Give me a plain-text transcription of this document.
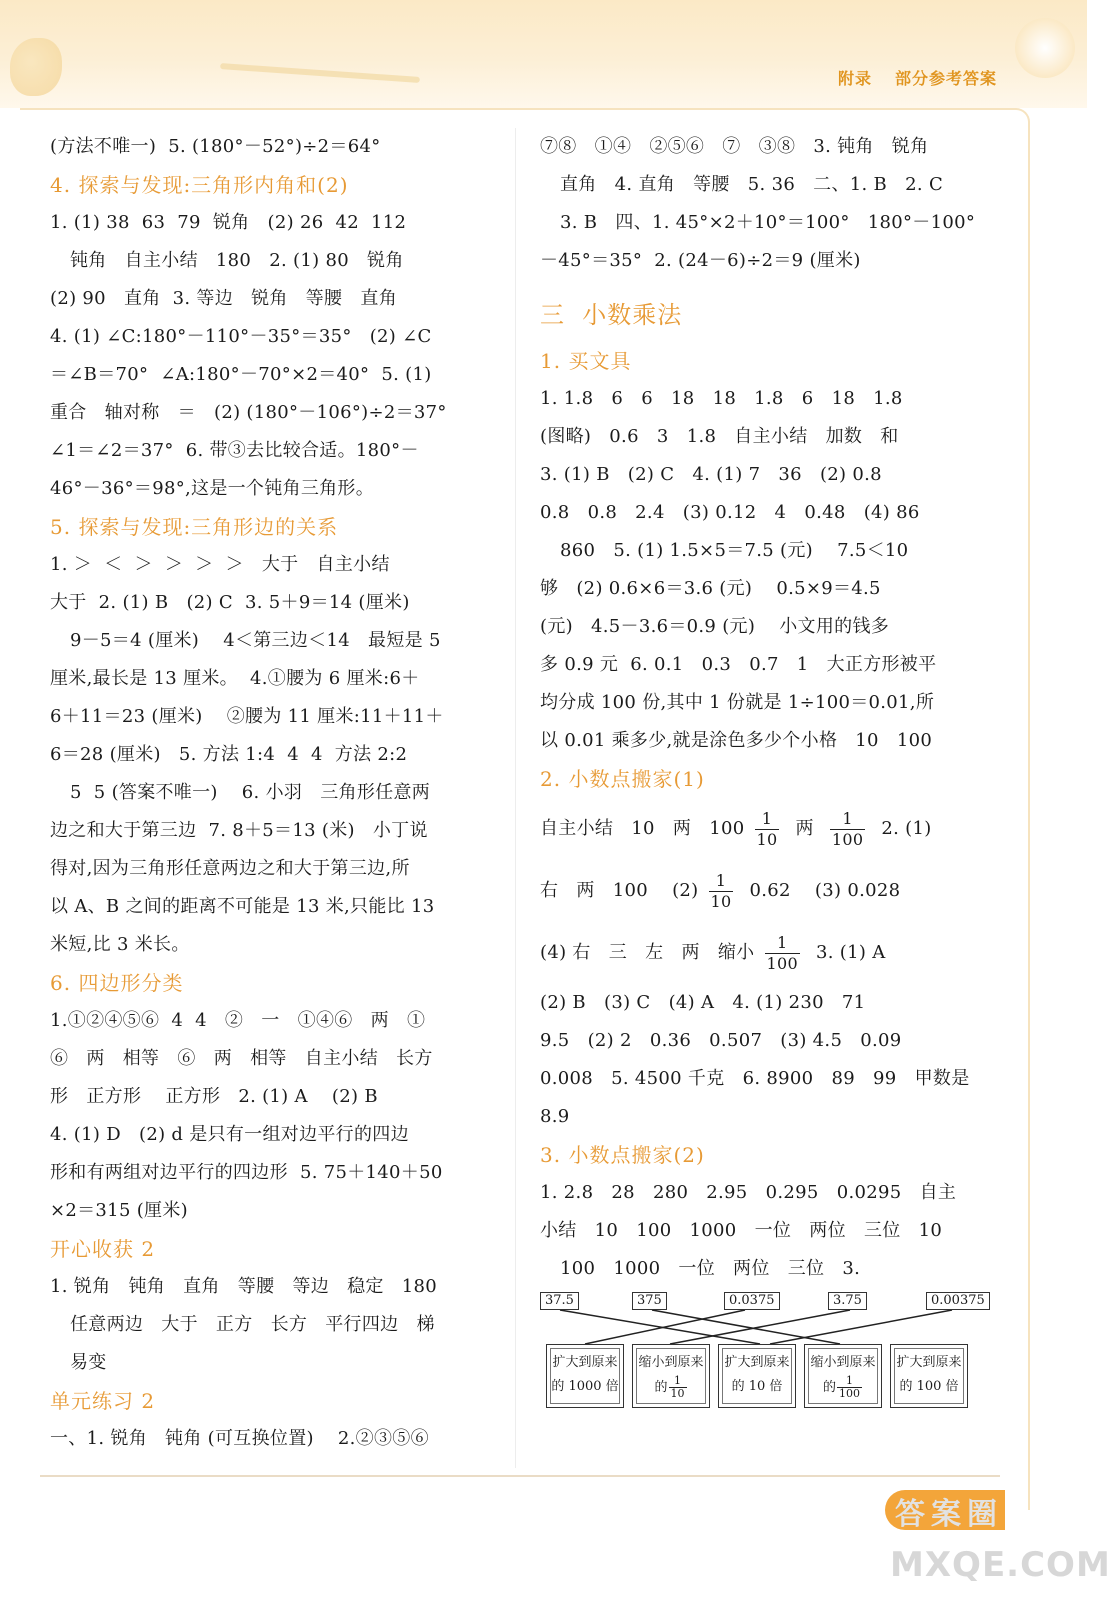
附录 部分参考答案
(方法不唯一)  5. (180°－52°)÷2＝64°
4. 探索与发现:三角形内角和(2)
1. (1) 38  63  79  锐角   (2) 26  42  112
钝角   自主小结   180   2. (1) 80   锐角
(2) 90   直角  3. 等边   锐角   等腰   直角
4. (1) ∠C:180°－110°－35°＝35°   (2) ∠C
＝∠B＝70°  ∠A:180°－70°×2＝40°  5. (1)
重合   轴对称   ＝   (2) (180°－106°)÷2＝37°
∠1＝∠2＝37°  6. 带③去比较合适。180°－
46°－36°＝98°,这是一个钝角三角形。
5. 探索与发现:三角形边的关系
1. ＞  ＜  ＞  ＞  ＞  ＞   大于   自主小结
大于  2. (1) B   (2) C  3. 5＋9＝14 (厘米)
9－5＝4 (厘米)    4＜第三边＜14   最短是 5
厘米,最长是 13 厘米。  4.①腰为 6 厘米:6＋
6＋11＝23 (厘米)    ②腰为 11 厘米:11＋11＋
6＝28 (厘米)   5. 方法 1:4  4  4  方法 2:2
5  5 (答案不唯一)    6. 小羽   三角形任意两
边之和大于第三边  7. 8＋5＝13 (米)   小丁说
得对,因为三角形任意两边之和大于第三边,所
以 A、B 之间的距离不可能是 13 米,只能比 13
米短,比 3 米长。
6. 四边形分类
1.①②④⑤⑥  4  4   ②   一   ①④⑥   两   ①
⑥   两   相等   ⑥   两   相等   自主小结   长方
形   正方形    正方形   2. (1) A    (2) B
4. (1) D   (2) d 是只有一组对边平行的四边
形和有两组对边平行的四边形  5. 75＋140＋50
×2＝315 (厘米)
开心收获 2
1. 锐角   钝角   直角   等腰   等边   稳定   180
任意两边   大于   正方   长方   平行四边   梯
易变
单元练习 2
一、1. 锐角   钝角 (可互换位置)    2.②③⑤⑥
⑦⑧   ①④   ②⑤⑥   ⑦   ③⑧   3. 钝角   锐角
直角   4. 直角   等腰   5. 36   二、1. B   2. C
3. B   四、1. 45°×2＋10°＝100°   180°－100°
－45°＝35°  2. (24－6)÷2＝9 (厘米)
三  小数乘法
1. 买文具
1. 1.8   6   6   18   18   1.8   6   18   1.8
(图略)   0.6   3   1.8   自主小结   加数   和
3. (1) B   (2) C   4. (1) 7   36   (2) 0.8
0.8   0.8   2.4   (3) 0.12   4   0.48   (4) 86
860   5. (1) 1.5×5＝7.5 (元)    7.5＜10
够   (2) 0.6×6＝3.6 (元)    0.5×9＝4.5
(元)   4.5－3.6＝0.9 (元)    小文用的钱多
多 0.9 元  6. 0.1   0.3   0.7   1   大正方形被平
均分成 100 份,其中 1 份就是 1÷100＝0.01,所
以 0.01 乘多少,就是涂色多少个小格   10   100
2. 小数点搬家(1)
自主小结   10   两   $100 \frac{1}{10}$ 两 $\frac{1}{100} 2$. (1)
右   两   100    $(2) \frac{1}{10} 0.62$    (3) 0.028
(4) 右   三   左   两   缩小 $\frac{1}{100} 3$. (1) A
(2) B   (3) C   (4) A   4. (1) 230   71
9.5   (2) 2   0.36   0.507   (3) 4.5   0.09
0.008   5. 4500 千克   6. 8900   89   99   甲数是
8.9
3. 小数点搬家(2)
1. 2.8   28   280   2.95   0.295   0.0295   自主
小结   10   100   1000   一位   两位   三位   10
100   1000   一位   两位   三位   3.
37.5	375	0.0375	3.75	0.00375
扩大到原来
的 1000 倍
缩小到原来
的 $\frac{1}{10}$
扩大到原来
的 10 倍
缩小到原来
的 $\frac{1}{100}$
扩大到原来
的 100 倍
答案圈
MXQE.COM
